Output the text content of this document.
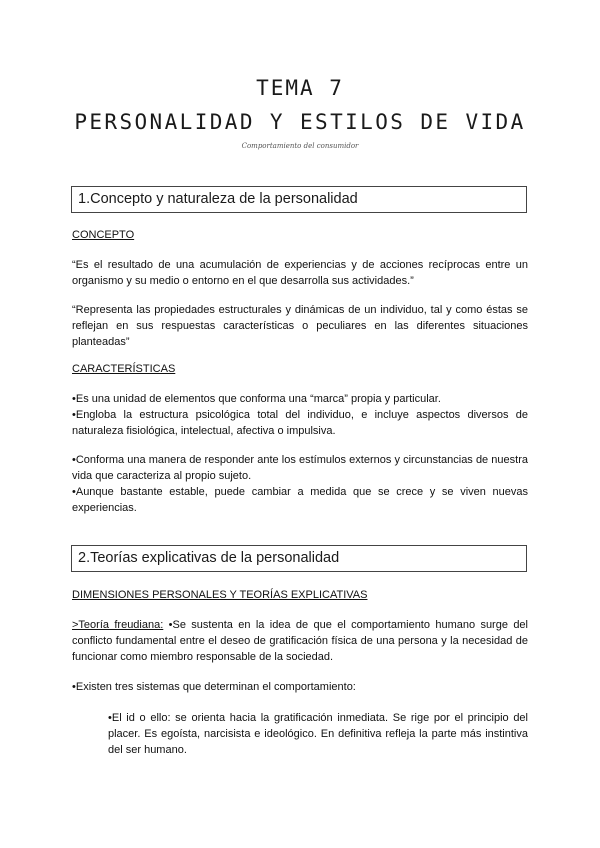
TEMA 7
PERSONALIDAD Y ESTILOS DE VIDA
Comportamiento del consumidor
1.Concepto y naturaleza de la personalidad
CONCEPTO

“Es el resultado de una acumulación de experiencias y de acciones recíprocas entre un organismo y su medio o entorno en el que desarrolla sus actividades.”

“Representa las propiedades estructurales y dinámicas de un individuo, tal y como éstas se reflejan en sus respuestas características o peculiares en las diferentes situaciones planteadas”

CARACTERÍSTICAS

•Es una unidad de elementos que conforma una “marca” propia y particular.

•Engloba la estructura psicológica total del individuo, e incluye aspectos diversos de naturaleza fisiológica, intelectual, afectiva o impulsiva.

•Conforma una manera de responder ante los estímulos externos y circunstancias de nuestra vida que caracteriza al propio sujeto.

•Aunque bastante estable, puede cambiar a medida que se crece y se viven nuevas experiencias.

2.Teorías explicativas de la personalidad
DIMENSIONES PERSONALES Y TEORÍAS EXPLICATIVAS

>Teoría freudiana: •Se sustenta en la idea de que el comportamiento humano surge del conflicto fundamental entre el deseo de gratificación física de una persona y la necesidad de funcionar como miembro responsable de la sociedad.

•Existen tres sistemas que determinan el comportamiento:

•El id o ello: se orienta hacia la gratificación inmediata. Se rige por el principio del placer. Es egoísta, narcisista e ideológico. En definitiva refleja la parte más instintiva del ser humano.
